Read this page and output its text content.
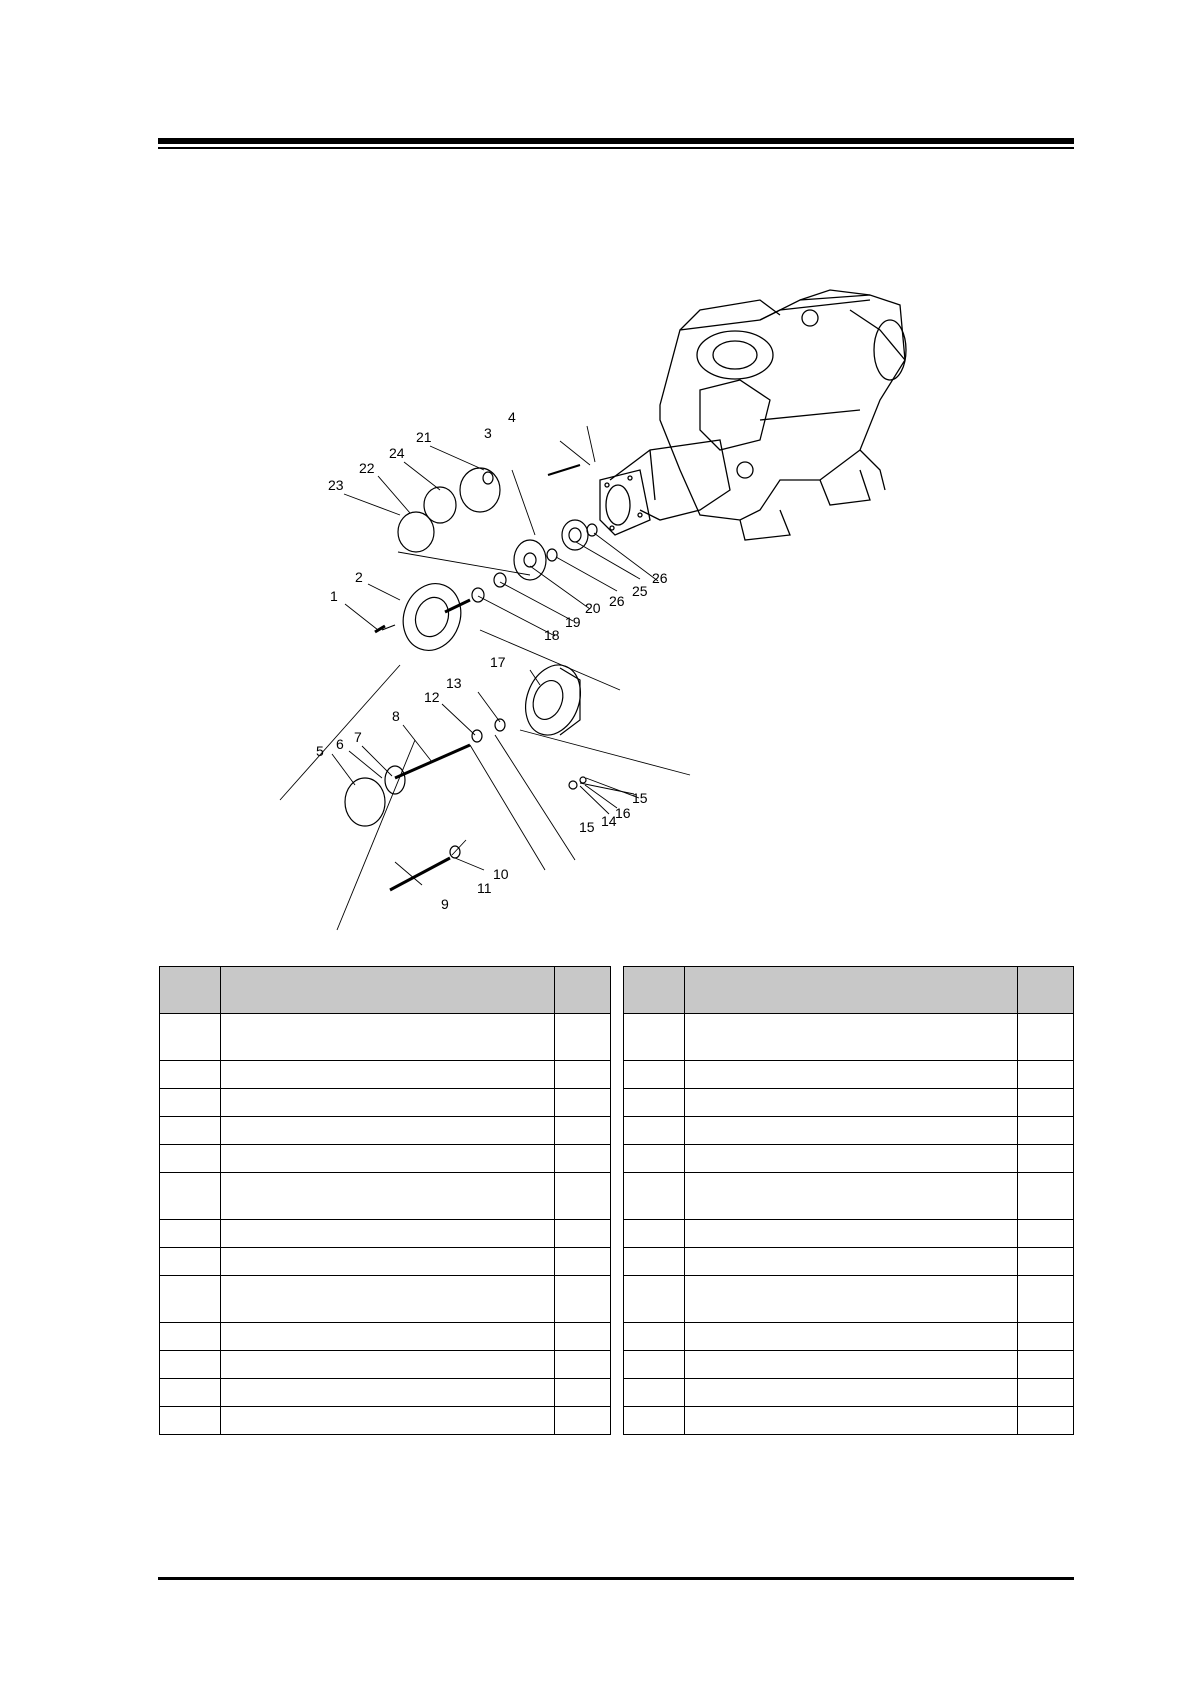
1
2
3
4
5 6 7
8
9
10
11
12
13
14
15
15
16
17
18
19
20
21
22
23
24
25
26
26
